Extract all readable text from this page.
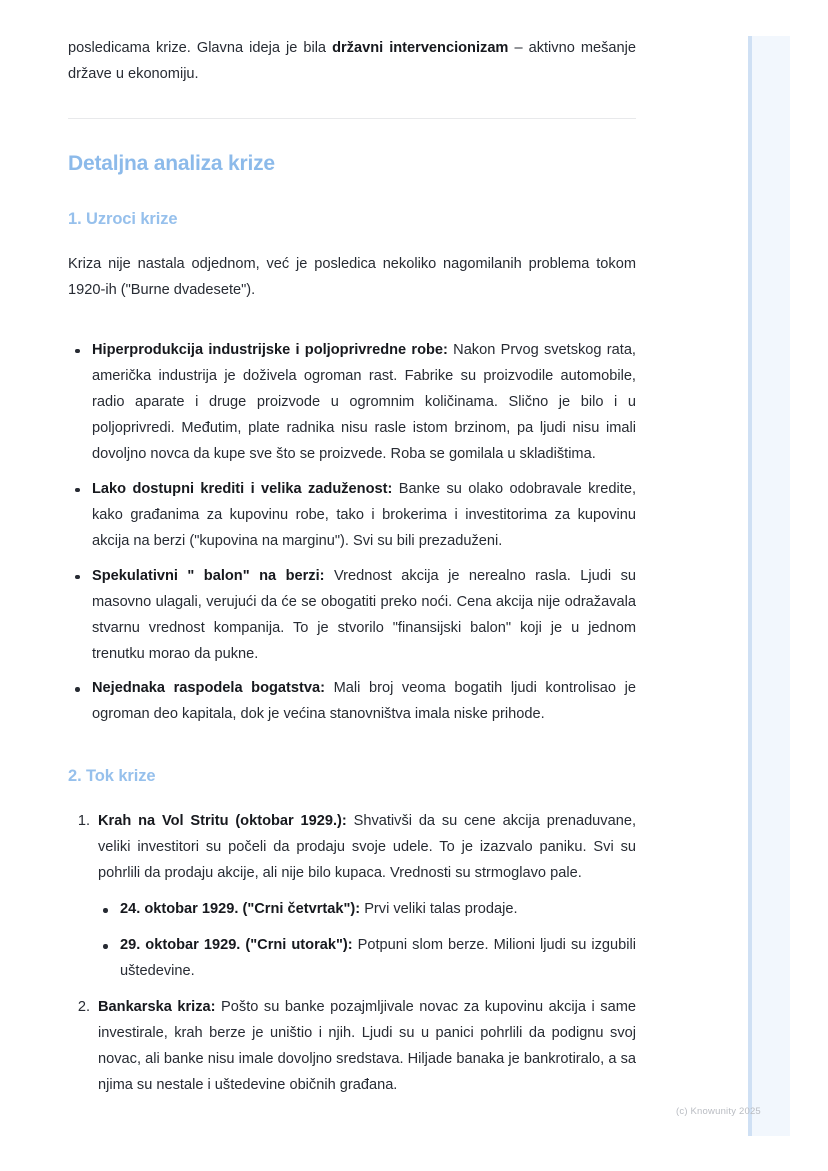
posledicama krize. Glavna ideja je bila državni intervencionizam – aktivno mešanje države u ekonomiju.

Detaljna analiza krize
1. Uzroci krize

Kriza nije nastala odjednom, već je posledica nekoliko nagomilanih problema tokom 1920-ih ("Burne dvadesete").

Hiperprodukcija industrijske i poljoprivredne robe: Nakon Prvog svetskog rata, američka industrija je doživela ogroman rast. Fabrike su proizvodile automobile, radio aparate i druge proizvode u ogromnim količinama. Slično je bilo i u poljoprivredi. Međutim, plate radnika nisu rasle istom brzinom, pa ljudi nisu imali dovoljno novca da kupe sve što se proizvede. Roba se gomilala u skladištima.
Lako dostupni krediti i velika zaduženost: Banke su olako odobravale kredite, kako građanima za kupovinu robe, tako i brokerima i investitorima za kupovinu akcija na berzi ("kupovina na marginu"). Svi su bili prezaduženi.
Spekulativni " balon" na berzi: Vrednost akcija je nerealno rasla. Ljudi su masovno ulagali, verujući da će se obogatiti preko noći. Cena akcija nije odražavala stvarnu vrednost kompanija. To je stvorilo "finansijski balon" koji je u jednom trenutku morao da pukne.
Nejednaka raspodela bogatstva: Mali broj veoma bogatih ljudi kontrolisao je ogroman deo kapitala, dok je većina stanovništva imala niske prihode.
2. Tok krize
1. Krah na Vol Stritu (oktobar 1929.): Shvativši da su cene akcija prenaduvane, veliki investitori su počeli da prodaju svoje udele. To je izazvalo paniku. Svi su pohrlili da prodaju akcije, ali nije bilo kupaca. Vrednosti su strmoglavo pale.
24. oktobar 1929. ("Crni četvrtak"): Prvi veliki talas prodaje.
29. oktobar 1929. ("Crni utorak"): Potpuni slom berze. Milioni ljudi su izgubili uštedevine.
2. Bankarska kriza: Pošto su banke pozajmljivale novac za kupovinu akcija i same investirale, krah berze je uništio i njih. Ljudi su u panici pohrlili da podignu svoj novac, ali banke nisu imale dovoljno sredstava. Hiljade banaka je bankrotiralo, a sa njima su nestale i uštedevine običnih građana.
(c) Knowunity 2025
